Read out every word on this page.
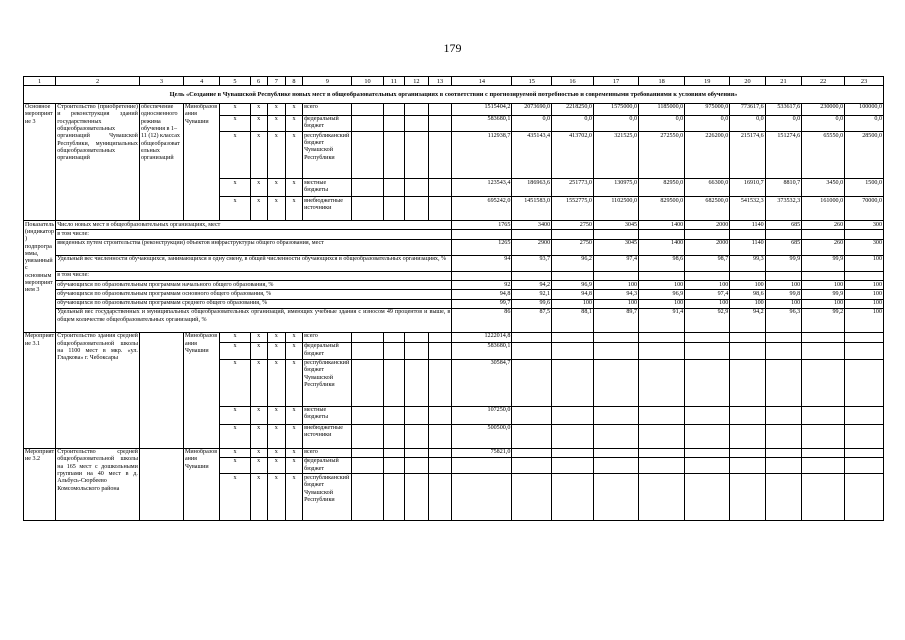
179
1	2	3	4	5	6	7	8	9	10	11	12	13	14	15	16	17	18	19	20	21	22	23
Цель «Создание в Чувашской Республике новых мест в общеобразовательных организациях в соответствии с прогнозируемой потребностью и современными требованиями к условиям обучения»																						
Основное мероприятие 3	Строительство (приобретение) и реконструкция зданий государственных общеобразовательных организаций Чувашской Республики, муниципальных общеобразовательных организаций	обеспечение односменного режима обучения в 1–11 (12) классах общеобразовательных организаций	Минобразования Чувашии	x	x	x	x	всего					1515404,2	2073690,0	2218250,0	1575000,0	1185000,0	975000,0	773617,6	533617,6	230000,0	100000,0
				x	x	x	x	федеральный бюджет					583680,1	0,0	0,0	0,0	0,0	0,0	0,0	0,0	0,0	0,0
				x	x	x	x	республиканский бюджет Чувашской Республики					112938,7	435143,4	413702,0	321525,0	272550,0	226200,0	215174,6	151274,6	65550,0	28500,0
				x	x	x	x	местные бюджеты					123543,4	186963,6	251773,0	130975,0	82950,0	66300,0	16910,7	8810,7	3450,0	1500,0
				x	x	x	x	внебюджетные источники					695242,0	1451583,0	1552775,0	1102500,0	829500,0	682500,0	541532,3	373532,3	161000,0	70000,0
Показатель (индикатор) подпрограммы, увязанный с основным мероприятием 3	Число новых мест в общеобразовательных организациях, мест												1765	3400	2750	3045	1400	2000	1140	685	260	300
	в том числе:																					
	введенных путем строительства (реконструкции) объектов инфраструктуры общего образования, мест												1265	2900	2750	3045	1400	2000	1140	685	260	300
	Удельный вес численности обучающихся, занимающихся в одну смену, в общей численности обучающихся в общеобразовательных организациях, %												94	93,7	96,2	97,4	98,6	98,7	99,3	99,9	99,9	100
	в том числе:																					
	обучающихся по образовательным программам начального общего образования, %												92	94,2	96,9	100	100	100	100	100	100	100
	обучающихся по образовательным программам основного общего образования, %												94,8	92,1	94,8	94,3	96,9	97,4	98,6	99,8	99,9	100
	обучающихся по образовательным программам среднего общего образования, %												99,7	99,6	100	100	100	100	100	100	100	100
	Удельный вес государственных и муниципальных общеобразовательных организаций, имеющих учебные здания с износом 49 процентов и выше, в общем количестве общеобразовательных организаций, %												86	87,5	88,1	89,7	91,4	92,9	94,2	96,3	99,2	100
Мероприятие 3.1	Строительство здания средней общеобразовательной школы на 1100 мест в мкр. «ул. Гладкова» г. Чебоксары		Минобразования Чувашии	x	x	x	x	всего					1222014,8									
				x	x	x	x	федеральный бюджет					583680,1									
				x	x	x	x	республиканский бюджет Чувашской Республики					30584,7									
				x	x	x	x	местные бюджеты					107250,0									
				x	x	x	x	внебюджетные источники					500500,0									
Мероприятие 3.2	Строительство средней общеобразовательной школы на 165 мест с дошкольными группами на 40 мест в д. Альбусь-Сюрбеево Комсомольского района		Минобразования Чувашии	x	x	x	x	всего					75821,0									
				x	x	x	x	федеральный бюджет														
				x	x	x	x	республиканский бюджет Чувашской Республики														
